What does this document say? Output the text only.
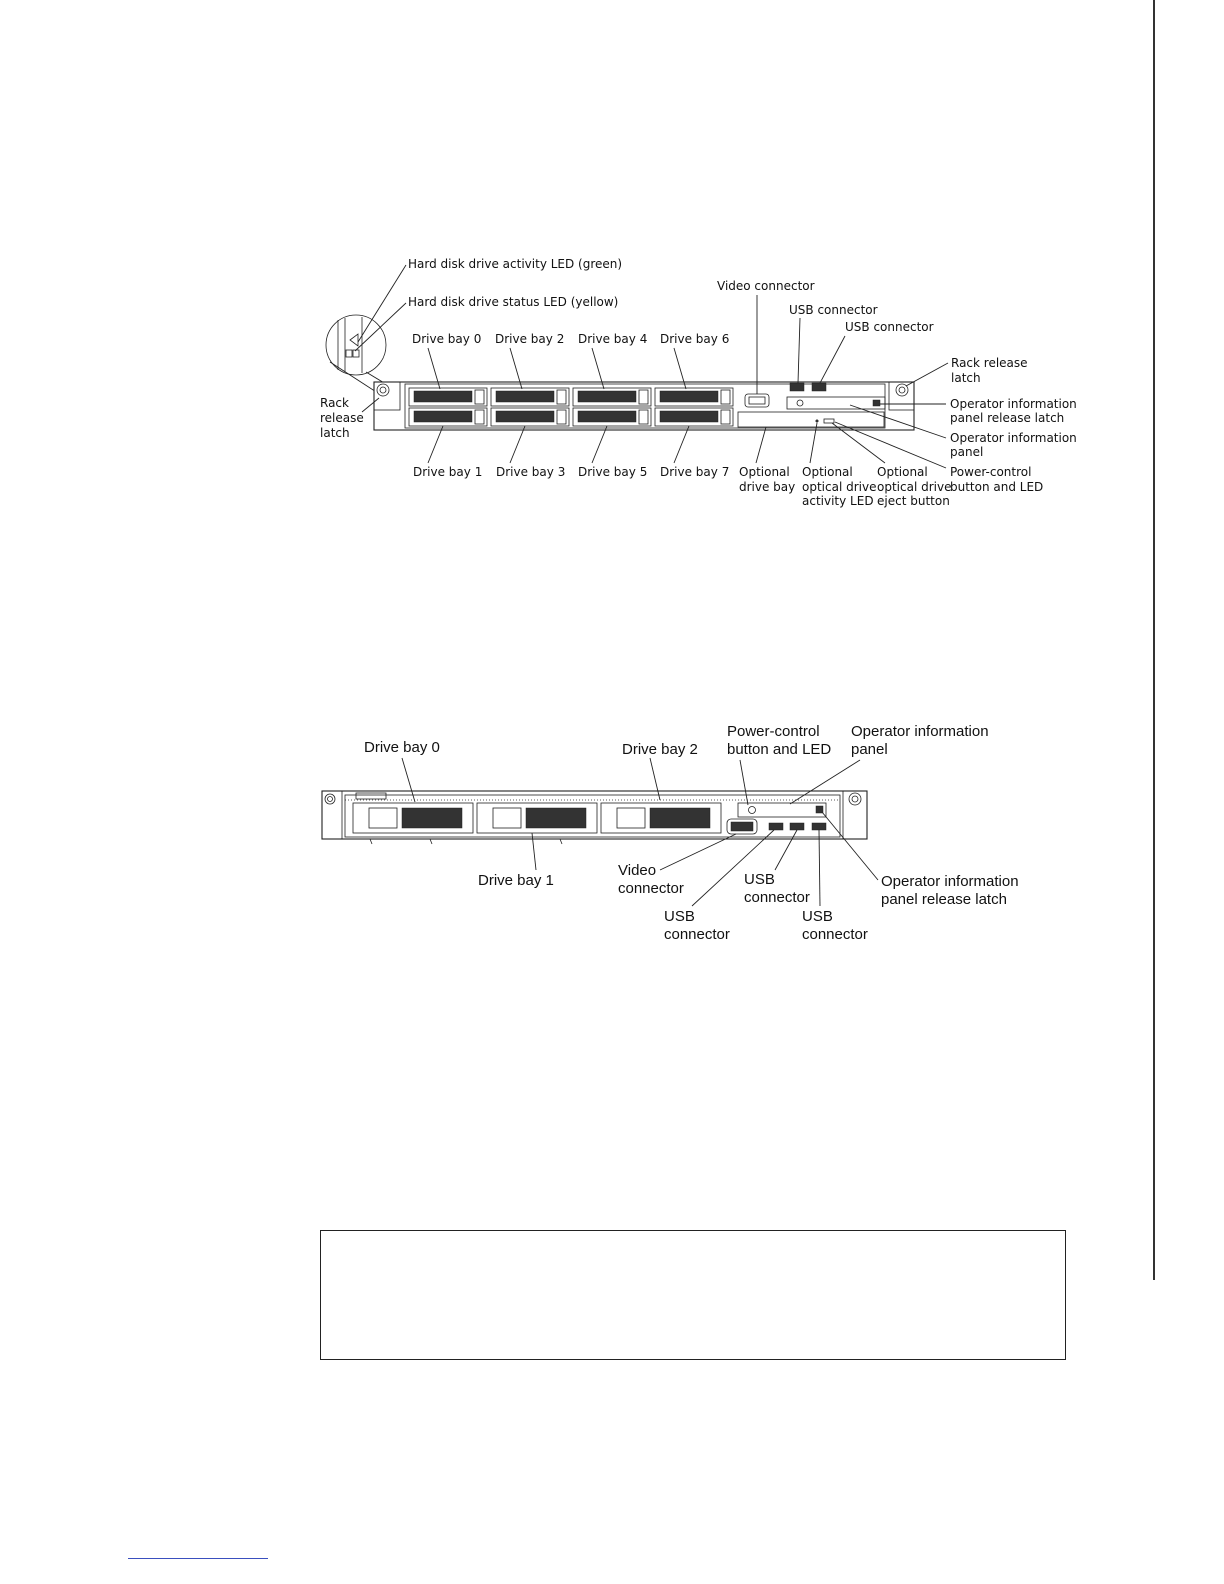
Hard disk drive activity LED (green)
Hard disk drive status LED (yellow)
Video connector
USB connector
USB connector
Drive bay 0 Drive bay 2 Drive bay 4 Drive bay 6
Drive bay 1 Drive bay 3 Drive bay 5 Drive bay 7
Rack release latch
Rack release latch
Operator information panel release latch
Operator information panel
Power-control button and LED
Optional drive bay
Optional optical drive activity LED
Optional optical drive eject button
Drive bay 0	Drive bay 2
Drive bay 1
Power-control button and LED
Operator information panel
Video connector
USB connector
USB connector
USB connector
Operator information panel release latch
